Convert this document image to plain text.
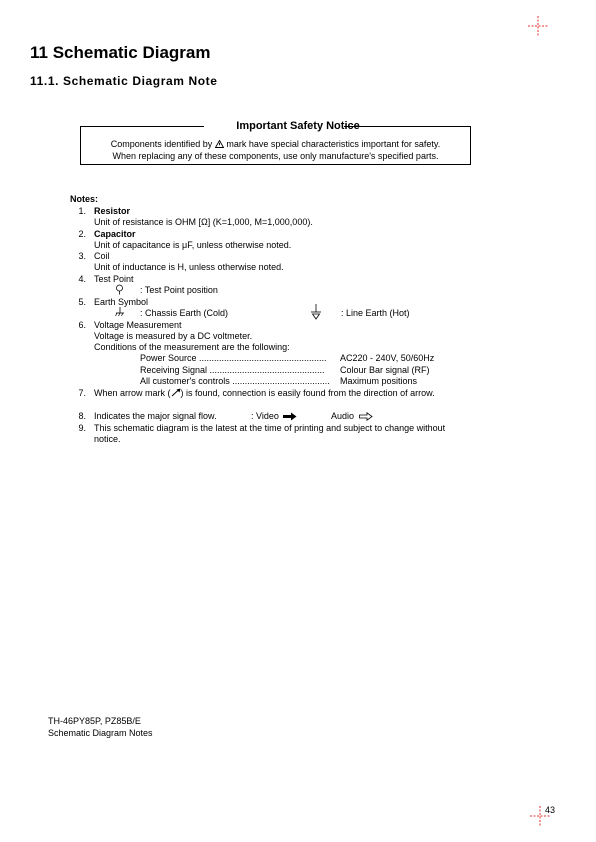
11 Schematic Diagram
11.1. Schematic Diagram Note
Important Safety Notice
Components identified by mark have special characteristics important for safety.
When replacing any of these components, use only manufacture's specified parts.
Notes:
1. Resistor
Unit of resistance is OHM [Ω] (K=1,000, M=1,000,000).
2. Capacitor
Unit of capacitance is μF, unless otherwise noted.
3. Coil
Unit of inductance is H, unless otherwise noted.
4. Test Point
: Test Point position
5. Earth Symbol
: Chassis Earth (Cold)	: Line Earth (Hot)
6. Voltage Measurement
Voltage is measured by a DC voltmeter.
Conditions of the measurement are the following:
Power Source ................................................... AC220 - 240V, 50/60Hz
Receiving Signal .............................................. Colour Bar signal (RF)
All customer's controls ....................................... Maximum positions
7. When arrow mark ( ) is found, connection is easily found from the direction of arrow.
8. Indicates the major signal flow.	: Video	Audio
9. This schematic diagram is the latest at the time of printing and subject to change without
notice.
TH-46PY85P, PZ85B/E
Schematic Diagram Notes
43
